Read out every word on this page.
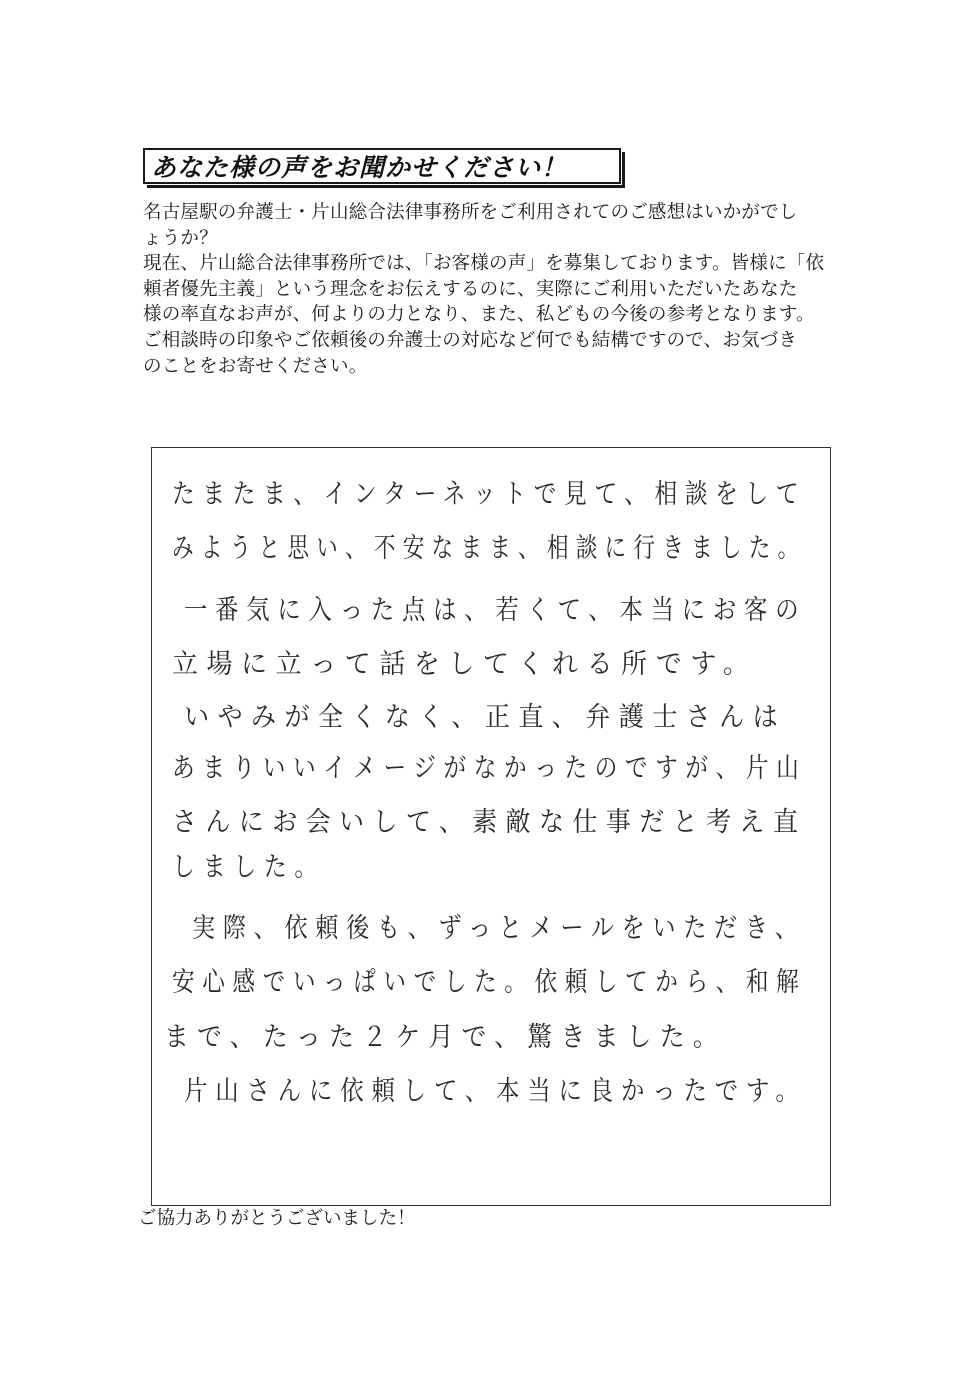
あなた様の声をお聞かせください！
名古屋駅の弁護士・片山総合法律事務所をご利用されてのご感想はいかがでし
ょうか？
現在、片山総合法律事務所では、「お客様の声」を募集しております。皆様に「依
頼者優先主義」という理念をお伝えするのに、実際にご利用いただいたあなた
様の率直なお声が、何よりの力となり、また、私どもの今後の参考となります。
ご相談時の印象やご依頼後の弁護士の対応など何でも結構ですので、お気づき
のことをお寄せください。
たまたま、インターネットで見て、相談をして
みようと思い、不安なまま、相談に行きました。
一番気に入った点は、若くて、本当にお客の
立場に立って話をしてくれる所です。
いやみが全くなく、正直、弁護士さんは
あまりいいイメージがなかったのですが、片山
さんにお会いして、素敵な仕事だと考え直
しました。
実際、依頼後も、ずっとメールをいただき、
安心感でいっぱいでした。依頼してから、和解
まで、たった２ケ月で、驚きました。
片山さんに依頼して、本当に良かったです。
ご協力ありがとうございました！
